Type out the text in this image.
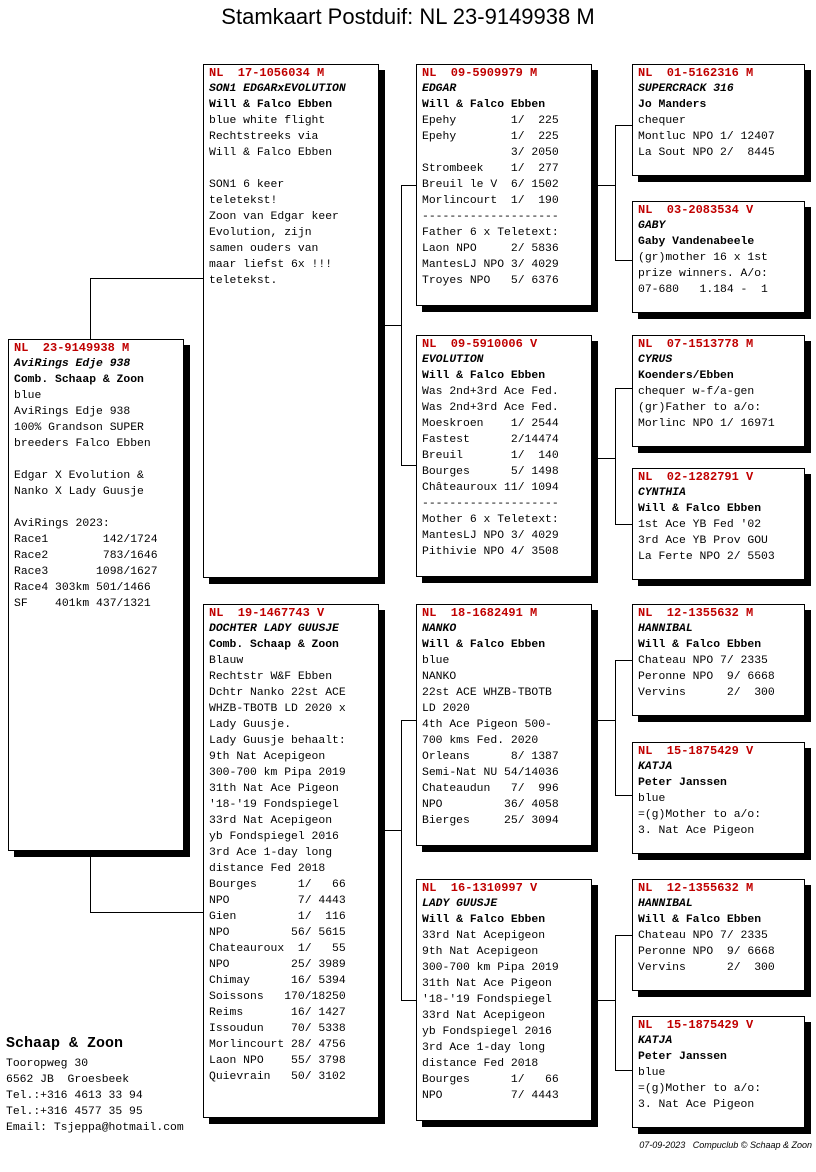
Stamkaart Postduif: NL 23-9149938 M
NL  23-9149938 M
AviRings Edje 938
Comb. Schaap & Zoon
blue
AviRings Edje 938
100% Grandson SUPER
breeders Falco Ebben
Edgar X Evolution &
Nanko X Lady Guusje
AviRings 2023:
Race1        142/1724
Race2        783/1646
Race3       1098/1627
Race4 303km 501/1466
SF    401km 437/1321
NL  17-1056034 M
SON1 EDGARxEVOLUTION
Will & Falco Ebben
blue white flight
Rechtstreeks via
Will & Falco Ebben
SON1 6 keer
teletekst!
Zoon van Edgar keer
Evolution, zijn
samen ouders van
maar liefst 6x !!!
teletekst.
NL  19-1467743 V
DOCHTER LADY GUUSJE
Comb. Schaap & Zoon
Blauw
Rechtstr W&F Ebben
Dchtr Nanko 22st ACE
WHZB-TBOTB LD 2020 x
Lady Guusje.
Lady Guusje behaalt:
9th Nat Acepigeon
300-700 km Pipa 2019
31th Nat Ace Pigeon
'18-'19 Fondspiegel
33rd Nat Acepigeon
yb Fondspiegel 2016
3rd Ace 1-day long
distance Fed 2018
Bourges      1/   66
NPO          7/ 4443
Gien         1/  116
NPO         56/ 5615
Chateauroux  1/   55
NPO         25/ 3989
Chimay      16/ 5394
Soissons   170/18250
Reims       16/ 1427
Issoudun    70/ 5338
Morlincourt 28/ 4756
Laon NPO    55/ 3798
Quievrain   50/ 3102
NL  09-5909979 M
EDGAR
Will & Falco Ebben
Epehy        1/  225
Epehy        1/  225
3/ 2050
Strombeek    1/  277
Breuil le V  6/ 1502
Morlincourt  1/  190
--------------------
Father 6 x Teletext:
Laon NPO     2/ 5836
MantesLJ NPO 3/ 4029
Troyes NPO   5/ 6376
NL  09-5910006 V
EVOLUTION
Will & Falco Ebben
Was 2nd+3rd Ace Fed.
Was 2nd+3rd Ace Fed.
Moeskroen    1/ 2544
Fastest      2/14474
Breuil       1/  140
Bourges      5/ 1498
Châteauroux 11/ 1094
--------------------
Mother 6 x Teletext:
MantesLJ NPO 3/ 4029
Pithivie NPO 4/ 3508
NL  18-1682491 M
NANKO
Will & Falco Ebben
blue
NANKO
22st ACE WHZB-TBOTB
LD 2020
4th Ace Pigeon 500-
700 kms Fed. 2020
Orleans      8/ 1387
Semi-Nat NU 54/14036
Chateaudun   7/  996
NPO         36/ 4058
Bierges     25/ 3094
NL  16-1310997 V
LADY GUUSJE
Will & Falco Ebben
33rd Nat Acepigeon
9th Nat Acepigeon
300-700 km Pipa 2019
31th Nat Ace Pigeon
'18-'19 Fondspiegel
33rd Nat Acepigeon
yb Fondspiegel 2016
3rd Ace 1-day long
distance Fed 2018
Bourges      1/   66
NPO          7/ 4443
NL  01-5162316 M
SUPERCRACK 316
Jo Manders
chequer
Montluc NPO 1/ 12407
La Sout NPO 2/  8445
NL  03-2083534 V
GABY
Gaby Vandenabeele
(gr)mother 16 x 1st
prize winners. A/o:
07-680   1.184 -  1
NL  07-1513778 M
CYRUS
Koenders/Ebben
chequer w-f/a-gen
(gr)Father to a/o:
Morlinc NPO 1/ 16971
NL  02-1282791 V
CYNTHIA
Will & Falco Ebben
1st Ace YB Fed '02
3rd Ace YB Prov GOU
La Ferte NPO 2/ 5503
NL  12-1355632 M
HANNIBAL
Will & Falco Ebben
Chateau NPO 7/ 2335
Peronne NPO  9/ 6668
Vervins      2/  300
NL  15-1875429 V
KATJA
Peter Janssen
blue
=(g)Mother to a/o:
3. Nat Ace Pigeon
NL  12-1355632 M
HANNIBAL
Will & Falco Ebben
Chateau NPO 7/ 2335
Peronne NPO  9/ 6668
Vervins      2/  300
NL  15-1875429 V
KATJA
Peter Janssen
blue
=(g)Mother to a/o:
3. Nat Ace Pigeon
Schaap & Zoon
Tooropweg 30
6562 JB  Groesbeek
Tel.:+316 4613 33 94
Tel.:+316 4577 35 95
Email: Tsjeppa@hotmail.com
07-09-2023   Compuclub © Schaap & Zoon
